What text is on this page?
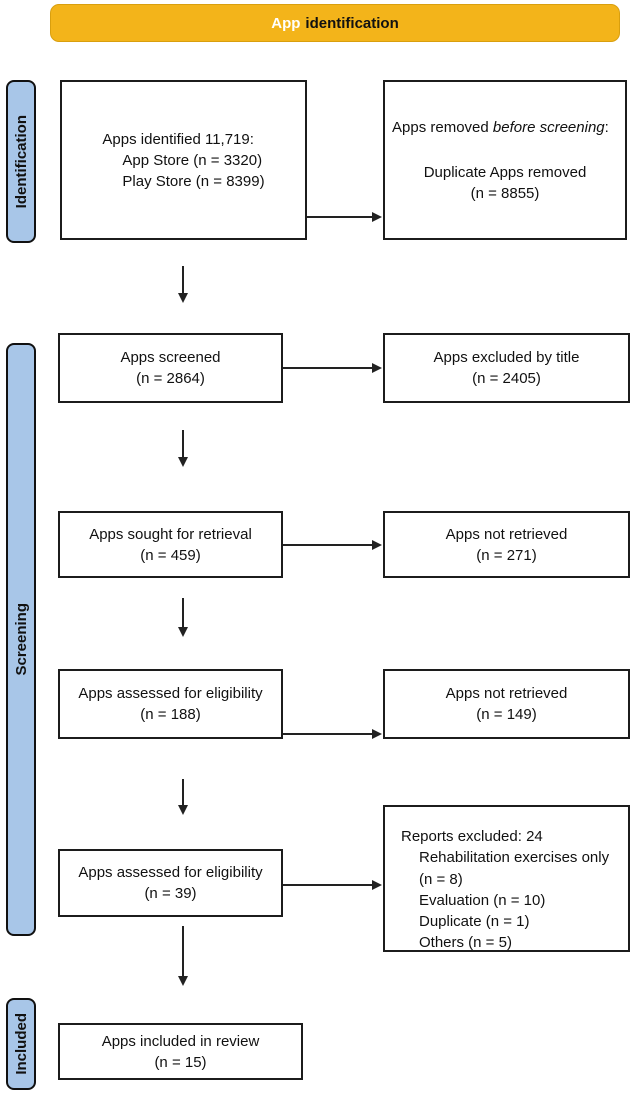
App identification
Identification
Screening
Included
Apps identified 11,719:
App Store (n = 3320)
Play Store (n = 8399)
Apps removed before screening:
Duplicate Apps removed
(n = 8855)
Apps screened
(n = 2864)
Apps excluded by title
(n = 2405)
Apps sought for retrieval
(n = 459)
Apps not retrieved
(n = 271)
Apps assessed for eligibility
(n = 188)
Apps not retrieved
(n = 149)
Apps assessed for eligibility
(n = 39)
Reports excluded: 24
Rehabilitation exercises only
(n = 8)
Evaluation (n = 10)
Duplicate (n = 1)
Others (n = 5)
Apps included in review
(n = 15)
